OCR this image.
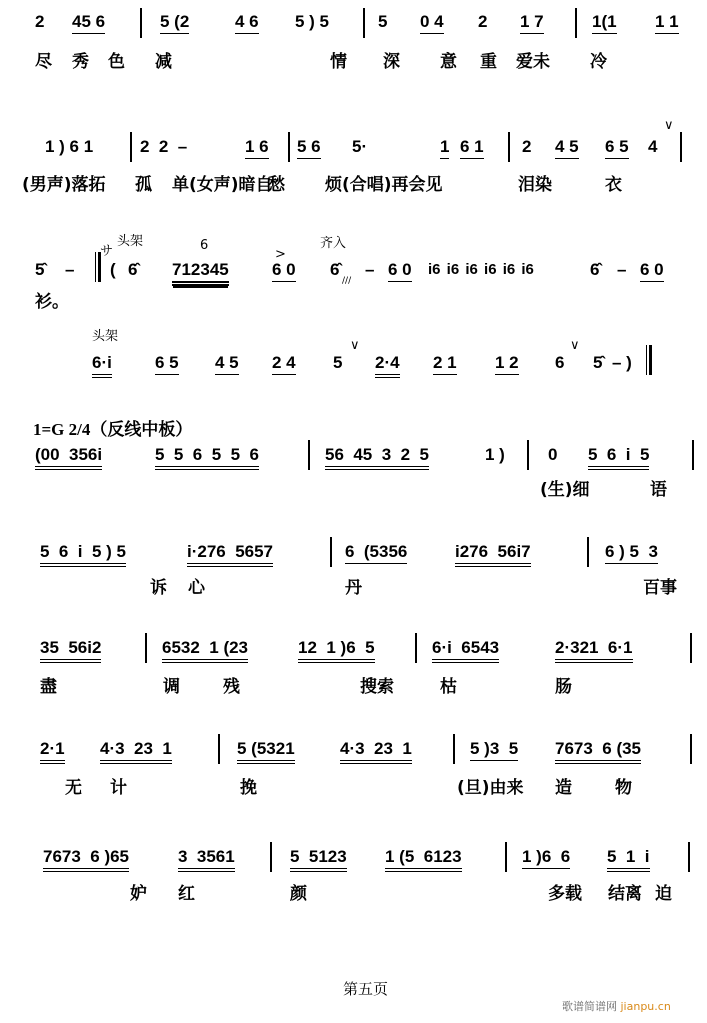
2 45 6	5 (2	4 6 5 ) 5	5 0 4 2 1 7	1(1 1 1
尽 秀 色 减	情 深 意 重 爱未 冷
1 ) 6 1	2  2  –	1 6 5 6 5·	1 6 1 2 4 5 6 5 4
∨
(男声)落拓 孤 单(女声)暗自
愁 烦(合唱)再会见	泪染	衣
サ
头架	6	齐入
>
///
5̂ – ( 6̂ 712345	6 0 6̂ – 6 0 i6 i6 i6 i6 i6 i6	6̂ – 6 0
衫。
头架
6·i	6 5 4 5 2 4 5
∨
2·4 2 1 1 2 6
∨
5̂ – )
1=G 2/4（反线中板）
(00  356i	5  5  6  5  5  6	56  45  3  2  5	1 )	0 5  6  i  5
(生)细	语
5  6  i  5 ) 5	i·276  5657	6  (5356	i276  56i7	6 ) 5  3
诉 心	丹	百事
35  56i2	6532  1 (23	12  1 )6  5	6·i  6543	2·321  6·1
盡	调	残	搜索	枯	肠
2·1 4·3  23  1	5 (5321	4·3  23  1	5 )3  5 7673  6 (35
无 计	挽	(旦)由来 造	物
7673  6 )65	3  3561	5  5123 1 (5  6123	1 )6  6 5  1  i
妒 红	颜	多载 结离 迫
第五页
歌谱简谱网 jianpu.cn
